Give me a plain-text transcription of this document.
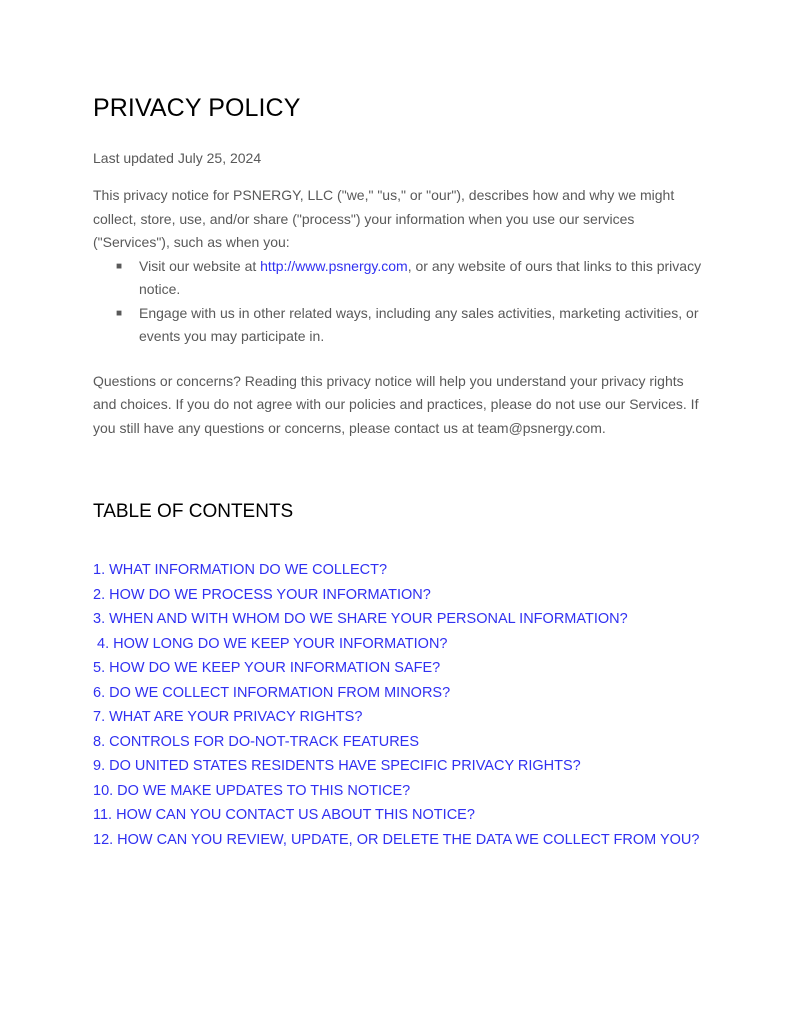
PRIVACY POLICY

Last updated July 25, 2024

This privacy notice for PSNERGY, LLC ("we," "us," or "our"), describes how and why we might collect, store, use, and/or share ("process") your information when you use our services ("Services"), such as when you:

■ Visit our website at http://www.psnergy.com, or any website of ours that links to this privacy notice.
■ Engage with us in other related ways, including any sales activities, marketing activities, or events you may participate in.

Questions or concerns? Reading this privacy notice will help you understand your privacy rights and choices. If you do not agree with our policies and practices, please do not use our Services. If you still have any questions or concerns, please contact us at team@psnergy.com.

TABLE OF CONTENTS
1. WHAT INFORMATION DO WE COLLECT?
2. HOW DO WE PROCESS YOUR INFORMATION?
3. WHEN AND WITH WHOM DO WE SHARE YOUR PERSONAL INFORMATION?
4. HOW LONG DO WE KEEP YOUR INFORMATION?
5. HOW DO WE KEEP YOUR INFORMATION SAFE?
6. DO WE COLLECT INFORMATION FROM MINORS?
7. WHAT ARE YOUR PRIVACY RIGHTS?
8. CONTROLS FOR DO-NOT-TRACK FEATURES
9. DO UNITED STATES RESIDENTS HAVE SPECIFIC PRIVACY RIGHTS?
10. DO WE MAKE UPDATES TO THIS NOTICE?
11. HOW CAN YOU CONTACT US ABOUT THIS NOTICE?
12. HOW CAN YOU REVIEW, UPDATE, OR DELETE THE DATA WE COLLECT FROM YOU?
